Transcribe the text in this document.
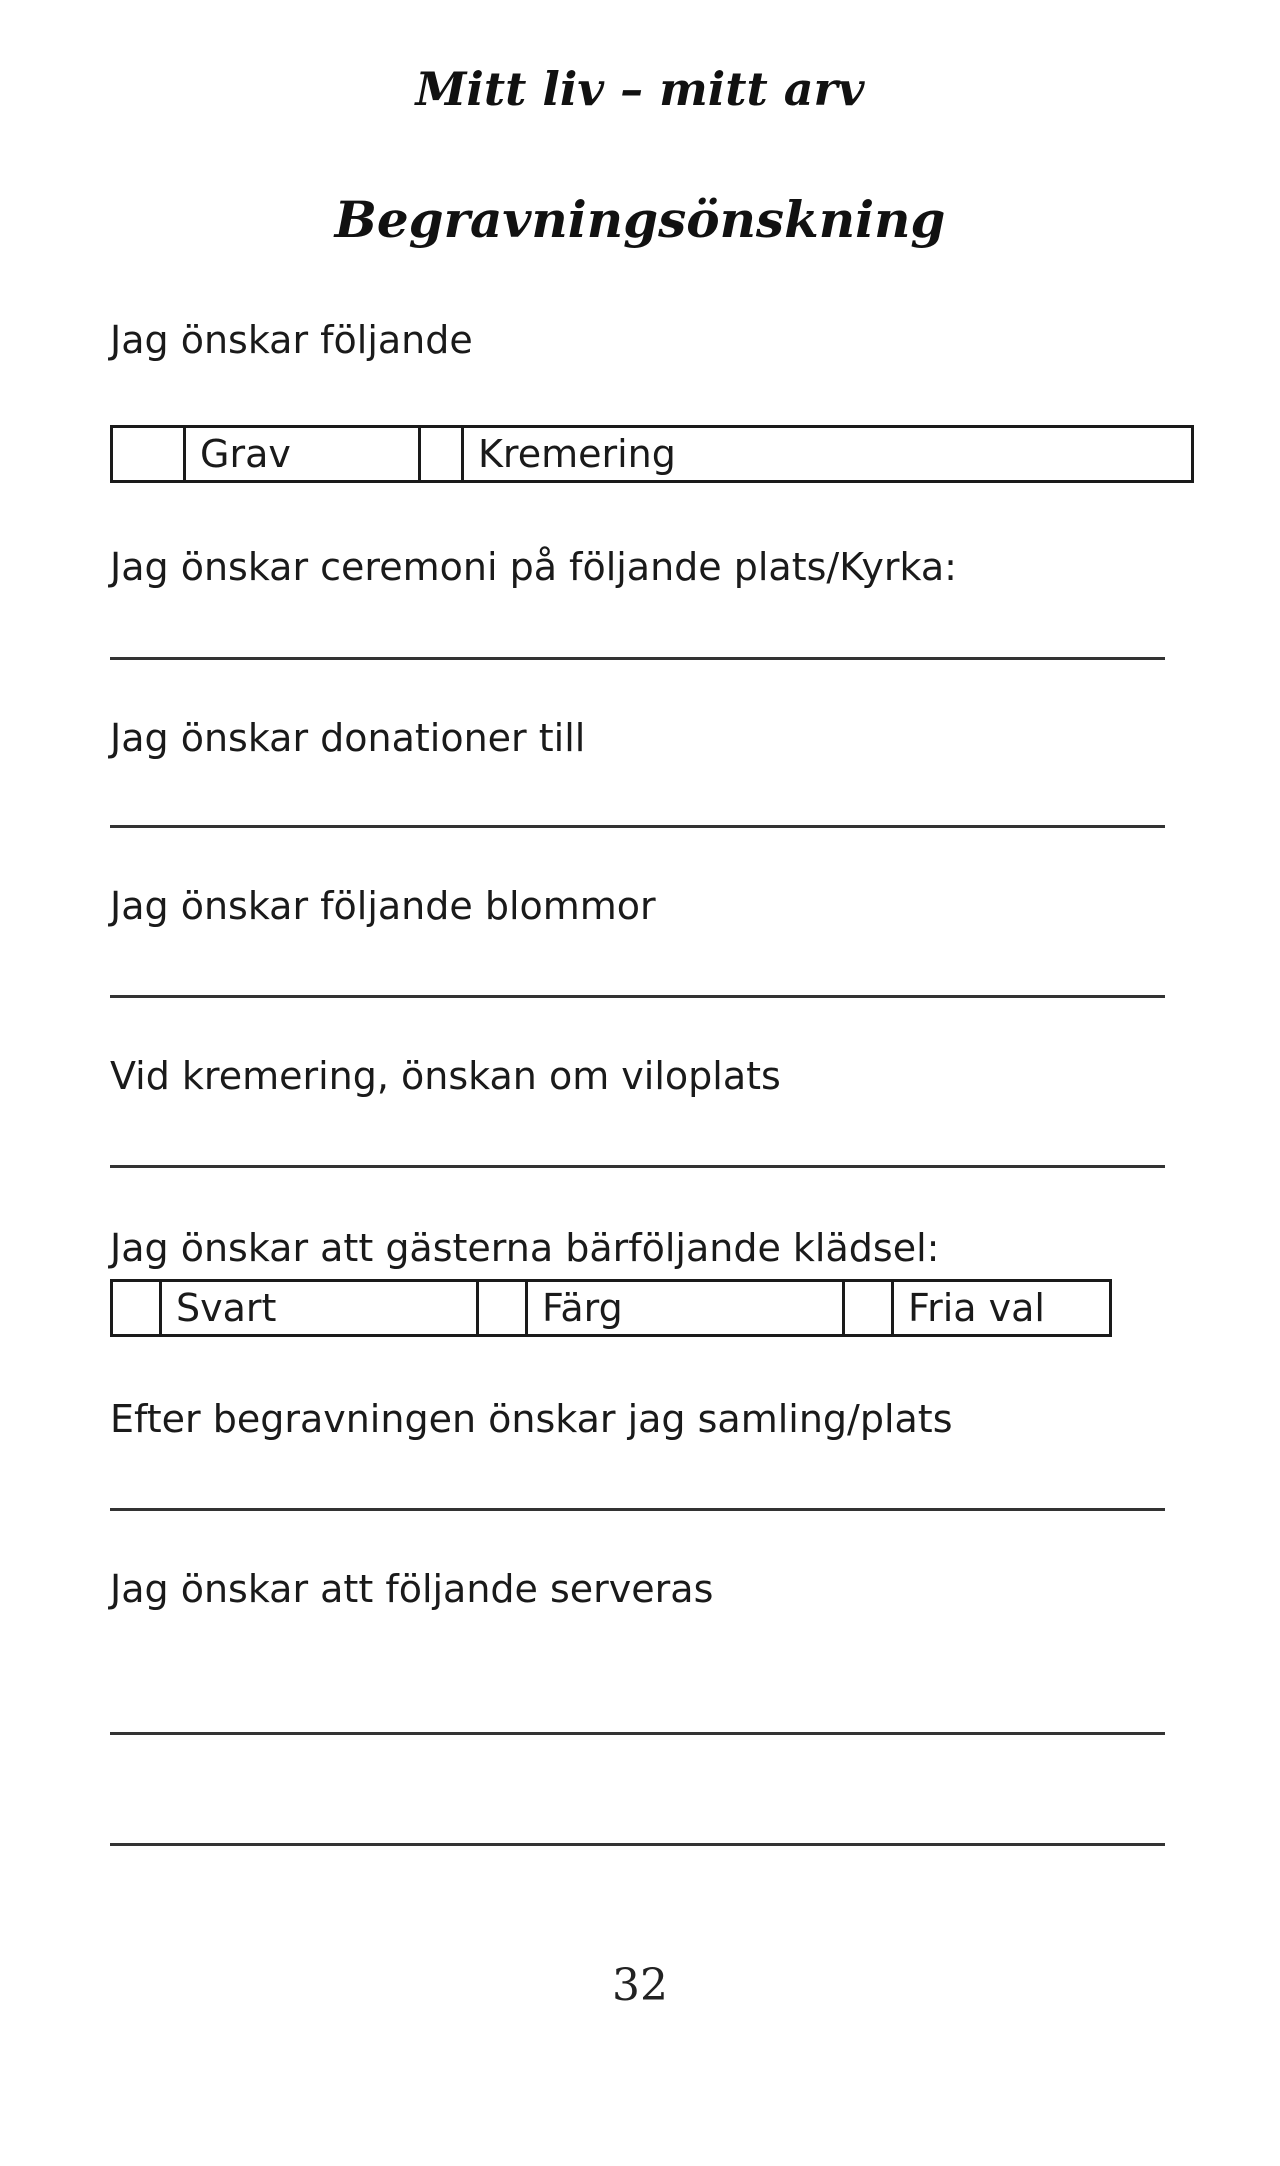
Mitt liv – mitt arv
Begravningsönskning

Jag önskar följande

	Grav		Kremering

Jag önskar ceremoni på följande plats/Kyrka:

Jag önskar donationer till

Jag önskar följande blommor

Vid kremering, önskan om viloplats

Jag önskar att gästerna bärföljande klädsel:

	Svart		Färg		Fria val

Efter begravningen önskar jag samling/plats

Jag önskar att följande serveras

32
